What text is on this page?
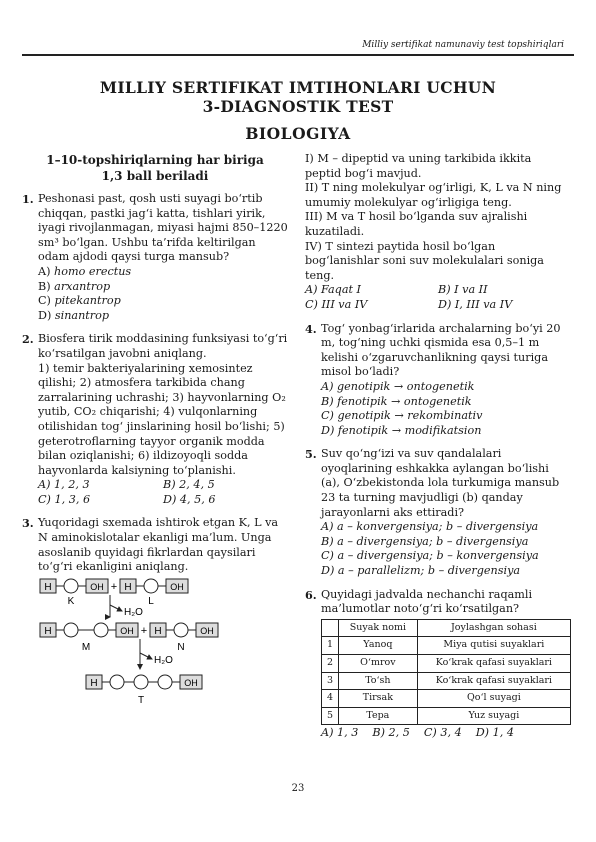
Milliy sertifikat namunaviy test topshiriqlari
MILLIY SERTIFIKAT IMTIHONLARI UCHUN
3-DIAGNOSTIK TEST
BIOLOGIYA
1–10-topshiriqlarning har biriga
1,3 ball beriladi
1. Peshonasi past, qosh usti suyagi bo‘rtib chiqqan, pastki jag‘i katta, tishlari yirik, iyagi rivojlanmagan, miyasi hajmi 850–1220 sm³ bo‘lgan. Ushbu ta’rifda keltirilgan odam ajdodi qaysi turga mansub?
A) homo erectus
B) arxantrop
C) pitekantrop
D) sinantrop
2. Biosfera tirik moddasining funksiyasi to‘g‘ri ko‘rsatilgan javobni aniqlang.
1) temir bakteriyalarining xemosintez qilishi; 2) atmosfera tarkibida chang zarralarining uchrashi; 3) hayvonlarning O₂ yutib, CO₂ chiqarishi; 4) vulqonlarning otilishidan tog‘ jinslarining hosil bo‘lishi; 5) geterotroflarning tayyor organik modda bilan oziqlanishi; 6) ildizoyoqli sodda hayvonlarda kalsiyning to‘planishi.
A) 1, 2, 3	B) 2, 4, 5
C) 1, 3, 6	D) 4, 5, 6
3. Yuqoridagi sxemada ishtirok etgan K, L va N aminokislotalar ekanligi ma’lum. Unga asoslanib quyidagi fikrlardan qaysilari to‘g‘ri ekanligini aniqlang.
H	OH
K
+ H	OH
L
H₂O
H	OH
M
+ H	OH
N
H₂O
H	OH
T
I) M – dipeptid va uning tarkibida ikkita peptid bog‘i mavjud.
II) T ning molekulyar og‘irligi, K, L va N ning umumiy molekulyar og‘irligiga teng.
III) M va T hosil bo‘lganda suv ajralishi kuzatiladi.
IV) T sintezi paytida hosil bo‘lgan bog‘lanishlar soni suv molekulalari soniga teng.
A) Faqat I	B) I va II
C) III va IV	D) I, III va IV
4. Tog‘ yonbag‘irlarida archalarning bo‘yi 20 m, tog‘ning uchki qismida esa 0,5–1 m kelishi o‘zgaruvchanlikning qaysi turiga misol bo‘ladi?
A) genotipik → ontogenetik
B) fenotipik → ontogenetik
C) genotipik → rekombinativ
D) fenotipik → modifikatsion
5. Suv qo‘ng‘izi va suv qandalalari oyoqlarining eshkakka aylangan bo‘lishi (a), O‘zbekistonda lola turkumiga mansub 23 ta turning mavjudligi (b) qanday jarayonlarni aks ettiradi?
A) a – konvergensiya; b – divergensiya
B) a – divergensiya; b – divergensiya
C) a – divergensiya; b – konvergensiya
D) a – parallelizm; b – divergensiya
6. Quyidagi jadvalda nechanchi raqamli ma’lumotlar noto‘g‘ri ko‘rsatilgan?
	Suyak nomi	Joylashgan sohasi
1	Yanoq	Miya qutisi suyaklari
2	O‘mrov	Ko‘krak qafasi suyaklari
3	To‘sh	Ko‘krak qafasi suyaklari
4	Tirsak	Qo‘l suyagi
5	Tepa	Yuz suyagi
A) 1, 3 B) 2, 5 C) 3, 4 D) 1, 4
23
